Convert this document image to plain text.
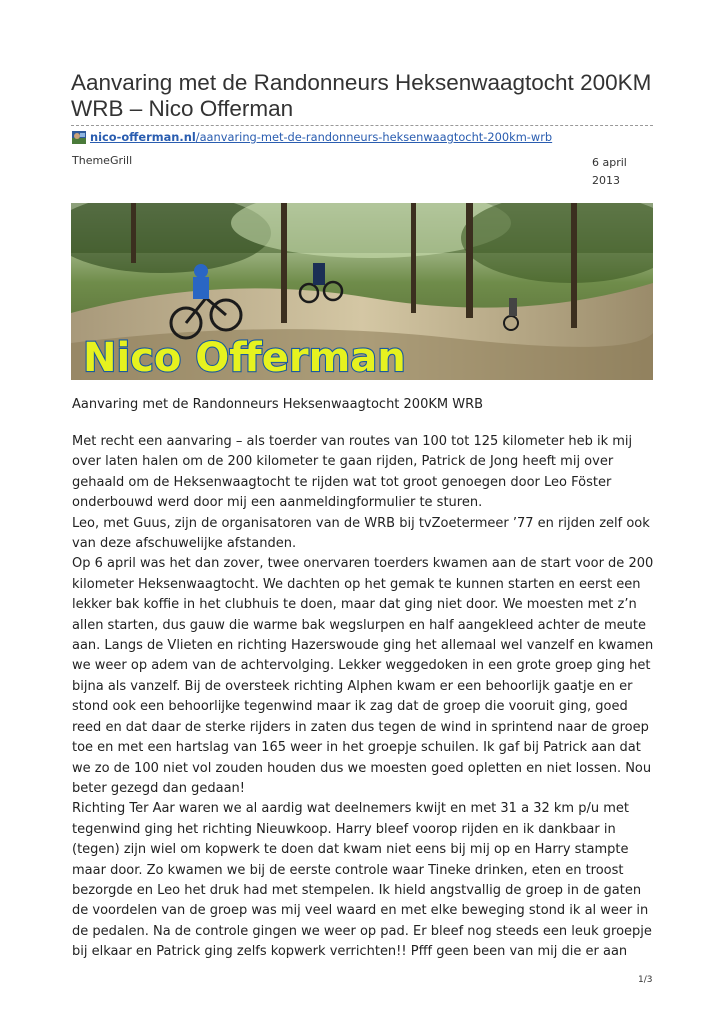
Aanvaring met de Randonneurs Heksenwaagtocht 200KM
WRB – Nico Offerman
nico-offerman.nl/aanvaring-met-de-randonneurs-heksenwaagtocht-200km-wrb
ThemeGrill	6 april
2013
Nico Offerman
Aanvaring met de Randonneurs Heksenwaagtocht 200KM WRB

Met recht een aanvaring – als toerder van routes van 100 tot 125 kilometer heb ik mij

over laten halen om de 200 kilometer te gaan rijden, Patrick de Jong heeft mij over

gehaald om de Heksenwaagtocht te rijden wat tot groot genoegen door Leo Föster

onderbouwd werd door mij een aanmeldingformulier te sturen.

Leo, met Guus, zijn de organisatoren van de WRB bij tvZoetermeer ’77 en rijden zelf ook

van deze afschuwelijke afstanden.

Op 6 april was het dan zover, twee onervaren toerders kwamen aan de start voor de 200

kilometer Heksenwaagtocht. We dachten op het gemak te kunnen starten en eerst een

lekker bak koffie in het clubhuis te doen, maar dat ging niet door. We moesten met z’n

allen starten, dus gauw die warme bak wegslurpen en half aangekleed achter de meute

aan. Langs de Vlieten en richting Hazerswoude ging het allemaal wel vanzelf en kwamen

we weer op adem van de achtervolging. Lekker weggedoken in een grote groep ging het

bijna als vanzelf. Bij de oversteek richting Alphen kwam er een behoorlijk gaatje en er

stond ook een behoorlijke tegenwind maar ik zag dat de groep die vooruit ging, goed

reed en dat daar de sterke rijders in zaten dus tegen de wind in sprintend naar de groep

toe en met een hartslag van 165 weer in het groepje schuilen. Ik gaf bij Patrick aan dat

we zo de 100 niet vol zouden houden dus we moesten goed opletten en niet lossen. Nou

beter gezegd dan gedaan!

Richting Ter Aar waren we al aardig wat deelnemers kwijt en met 31 a 32 km p/u met

tegenwind ging het richting Nieuwkoop. Harry bleef voorop rijden en ik dankbaar in

(tegen) zijn wiel om kopwerk te doen dat kwam niet eens bij mij op en Harry stampte

maar door. Zo kwamen we bij de eerste controle waar Tineke drinken, eten en troost

bezorgde en Leo het druk had met stempelen. Ik hield angstvallig de groep in de gaten

de voordelen van de groep was mij veel waard en met elke beweging stond ik al weer in

de pedalen. Na de controle gingen we weer op pad. Er bleef nog steeds een leuk groepje

bij elkaar en Patrick ging zelfs kopwerk verrichten!! Pfff geen been van mij die er aan

1/3
